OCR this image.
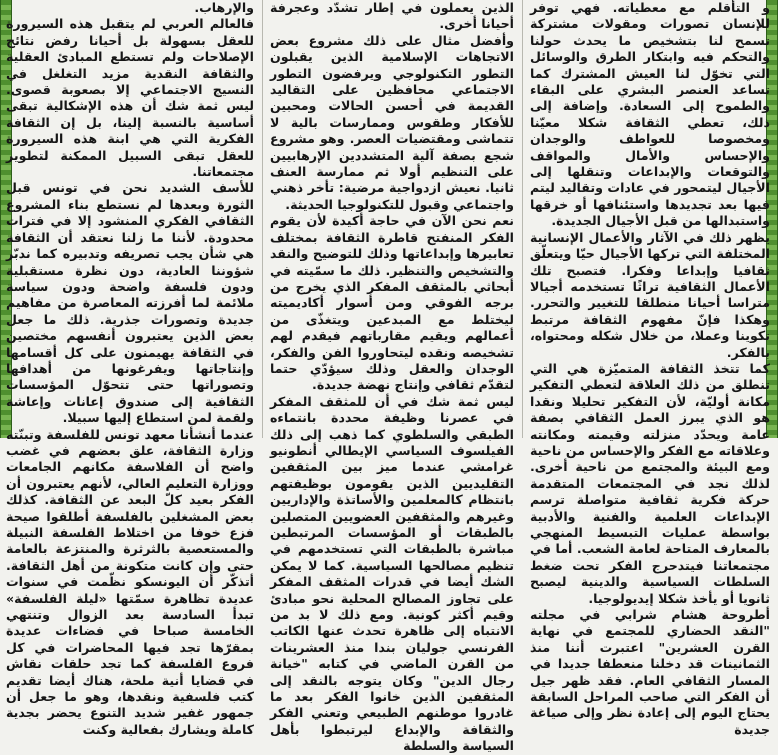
و التأقلم مع معطياته. فهي توفر للإنسان تصورات ومقولات مشتركة تسمح لنا بتشخيص ما يحدث حولنا والتحكم فيه وابتكار الطرق والوسائل التي تخوّل لنا العيش المشترك كما تساعد العنصر البشري على البقاء والطموح إلى السعادة. وإضافة إلى ذلك، تعطي الثقافة شكلا معيّنا ومخصوصا للعواطف والوجدان والإحساس والأمال والمواقف والتوقعات والإبداعات وتنقلها إلى الأجيال ليتمحور في عادات وتقاليد ليتم فيها بعد تجديدها واستئنافها أو خرقها واستبدالها من قبل الأجيال الجديدة.

يظهر ذلك في الآثار والأعمال الإنسانية المختلفة التي تركها الأجيال حيّا ويتعلّق ثقافيا وإبداعا وفكرا. فتصبح تلك الأعمال الثقافية تراثًا تستخدمه أجيالا متراسا أحيانا منطلقا للتغيير والتحرر. وهكذا فإنّ مفهوم الثقافة مرتبط تكوينا وعملا، من خلال شكله ومحتواه، بالفكر.

كما تتخذ الثقافة المتميّزة هي التي تنطلق من ذلك العلاقة لتعطي التفكير مكانة أوليّة، لأن التفكير تحليلا ونقدا هو الذي يبرز العمل الثقافي بصفة عامة ويحدّد منزلته وقيمته ومكانته وعلاقاته مع الفكر والإحساس من ناحية ومع البيئة والمجتمع من ناحية أخرى. لذلك نجد في المجتمعات المتقدمة حركة فكرية ثقافية متواصلة ترسم الإبداعات العلمية والفنية والأدبية بواسطة عمليات التبسيط المنهجي بالمعارف المتاحة لعامة الشعب. أما في مجتمعاتنا فيتدحرج الفكر تحت ضغط السلطات السياسية والدينية ليصبح ثانويا أو يأخذ شكلا إيديولوجيا.

أطروحة هشام شرابي في مجلته "النقد الحضاري للمجتمع في نهاية القرن العشرين" اعتبرت أننا منذ الثمانينات قد دخلنا منعطفا جديدا في المسار الثقافي العام. فقد ظهر جيل أن الفكر التي صاحب المراحل السابقة يحتاج اليوم إلى إعادة نظر وإلى صياغة جديدة

الذين يعملون في إطار تشدّد وعجرفة أحيانا أخرى.

وأفضل مثال على ذلك مشروع بعض الاتجاهات الإسلامية الذين يقبلون التطور التكنولوجي ويرفضون التطور الاجتماعي محافظين على التقاليد القديمة في أحسن الحالات ومحبين للأفكار وطقوس وممارسات بالية لا تتماشى ومقتضيات العصر. وهو مشروع شجع بصفة آلية المتشددين الإرهابيين على التنظيم أولا ثم ممارسة العنف ثانيا. نعيش ازدواجية مرضية: تأخر ذهني واجتماعي وقبول للتكنولوجيا الحديثة.

نعم نحن الآن في حاجة أكيدة لأن يقوم الفكر المنفتح قاطرة الثقافة بمختلف تعابيرها وإبداعاتها وذلك للتوضيح والنقد والتشخيص والتنظير. ذلك ما سمّيته في أبحاثي بالمثقف المفكر الذي يخرج من برجه الفوقي ومن أسوار أكاديميته ليختلط مع المبدعين ويتغذّى من أعمالهم ويقيم مقارباتهم فيقدم لهم تشخيصه ونقده ليتحاوروا الفن والفكر، الوجدان والعقل وذلك سيؤدّي حتما لتقدّم ثقافي وإنتاج نهضة جديدة.

ليس ثمة شك في أن للمثقف المفكر في عصرنا وظيفة محددة بانتماءه الطبقي والسلطوي كما ذهب إلى ذلك الفيلسوف السياسي الإيطالي أنطونيو غرامشي عندما ميز بين المثقفين التقليديين الذين يقومون بوظيفتهم بانتظام كالمعلمين والأساتذة والإداريين وغيرهم والمثقفين العضويين المتصلين بالطبقات أو المؤسسات المرتبطين مباشرة بالطبقات التي تستخدمهم في تنظيم مصالحها السياسية. كما لا يمكن الشك أيضا في قدرات المثقف المفكر على تجاوز المصالح المحلية نحو مبادئ وقيم أكثر كونية. ومع ذلك لا بد من الانتباه إلى ظاهرة تحدث عنها الكاتب الفرنسي جوليان بندا منذ العشرينات من القرن الماضي في كتابه "خيانة رجال الدين" وكان يتوجه بالنقد إلى المثقفين الذين خانوا الفكر بعد ما غادروا موطنهم الطبيعي وتعني الفكر والثقافة والإبداع ليرتبطوا بأهل السياسة والسلطة

والإرهاب.

فالعالم العربي لم يتقبل هذه السيرورة للعقل بسهولة بل أحيانا رفض نتائج الإصلاحات ولم تستطع المبادئ العقلية والثقافة النقدية مزيد التغلغل في النسيج الاجتماعي إلا بصعوبة قصوى. ليس ثمة شك أن هذه الإشكالية تبقى أساسية بالنسبة إلينا، بل إن الثقافة الفكرية التي هي ابنة هذه السيرورة للعقل تبقى السبيل الممكنة لتطوير مجتمعاتنا.

للأسف الشديد نحن في تونس قبل الثورة وبعدها لم نستطع بناء المشروع الثقافي الفكري المنشود إلا في فترات محدودة. لأننا ما زلنا نعتقد أن الثقافة هي شأن يجب تصريفه وتدبيره كما ندبّر شؤوننا العادية، دون نظرة مستقبلية ودون فلسفة واضحة ودون سياسة ملائمة لما أفرزته المعاصرة من مفاهيم جديدة وتصورات جذرية. ذلك ما جعل بعض الذين يعتبرون أنفسهم مختصين في الثقافة يهيمنون على كل أقسامها وإنتاجاتها ويفرغونها من أهدافها وتصوراتها حتى تتحوّل المؤسسات الثقافية إلى صندوق إعانات وإعاشة ولقمة لمن استطاع إليها سبيلا.

عندما أنشأنا معهد تونس للفلسفة وتبنّته وزارة الثقافة، علق بعضهم في غضب واضح أن الفلاسفة مكانهم الجامعات ووزارة التعليم العالي، لأنهم يعتبرون أن الفكر بعيد كلّ البعد عن الثقافة. كذلك بعض المشغلين بالفلسفة أطلقوا صيحة فزع خوفا من اختلاط الفلسفة النبيلة والمستعصية بالثرثرة والمنتزعة بالعامة حتى وإن كانت متكونة من أهل الثقافة. أتذكّر أن اليونسكو نظّمت في سنوات عديدة تظاهرة سمّتها «ليلة الفلسفة» تبدأ السادسة بعد الزوال وتنتهي الخامسة صباحا في فضاءات عديدة بمقرّها تجد فيها المحاضرات في كل فروع الفلسفة كما تجد حلقات نقاش في قضايا أنية ملحة، هناك أيضا تقديم كتب فلسفية ونقدها، وهو ما جعل أن جمهور غفير شديد التنوع يحضر بجدية كاملة ويشارك بفعالية وكنت
